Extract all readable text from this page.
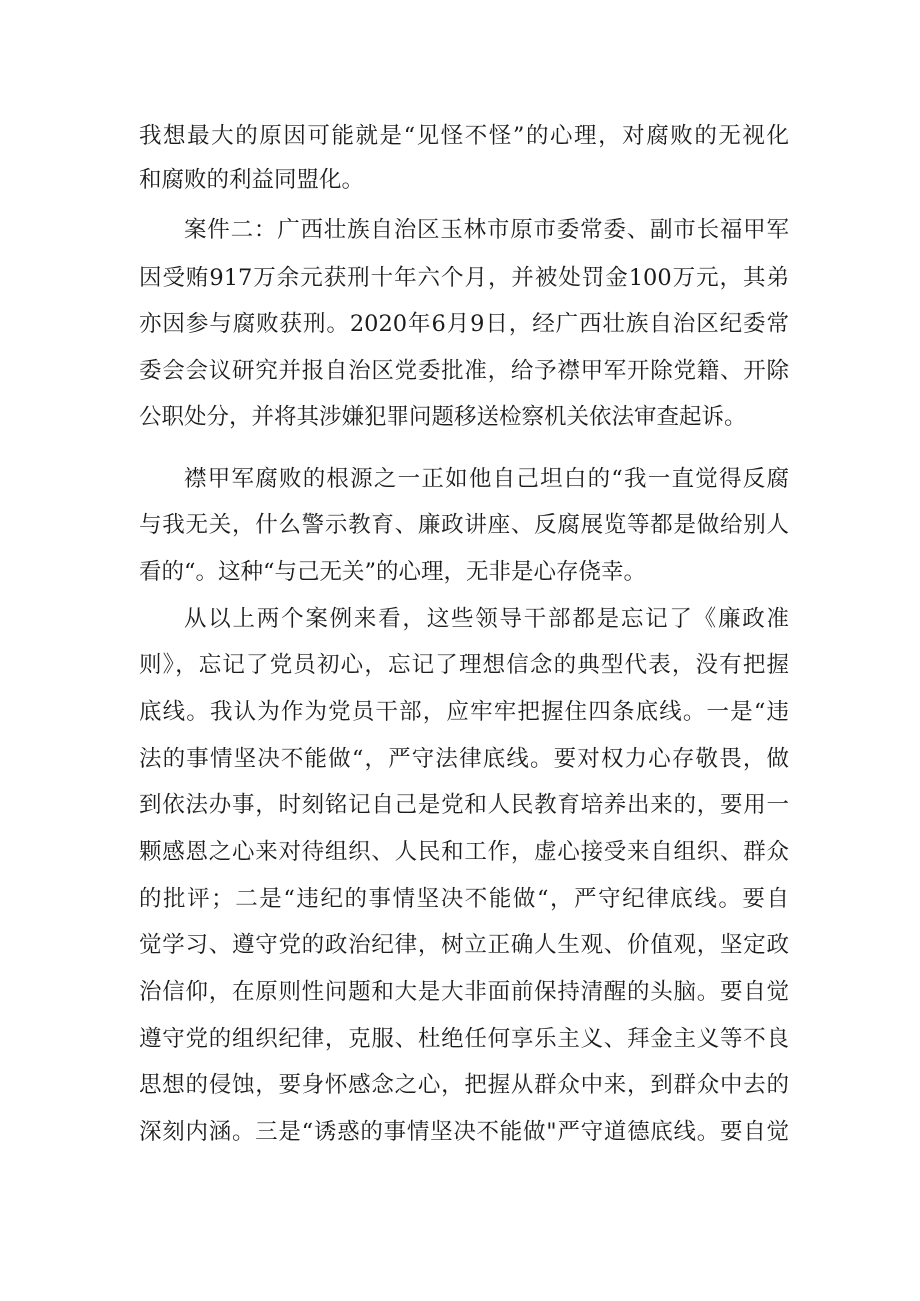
我想最大的原因可能就是“见怪不怪”的心理，对腐败的无视化
和腐败的利益同盟化。
案件二：广西壮族自治区玉林市原市委常委、副市长福甲军
因受贿917万余元获刑十年六个月，并被处罚金100万元，其弟
亦因参与腐败获刑。2020年6月9日，经广西壮族自治区纪委常
委会会议研究并报自治区党委批准，给予襟甲军开除党籍、开除
公职处分，并将其涉嫌犯罪问题移送检察机关依法审查起诉。
襟甲军腐败的根源之一正如他自己坦白的“我一直觉得反腐
与我无关，什么警示教育、廉政讲座、反腐展览等都是做给别人
看的“。这种“与己无关”的心理，无非是心存侥幸。
从以上两个案例来看，这些领导干部都是忘记了《廉政准
则》，忘记了党员初心，忘记了理想信念的典型代表，没有把握
底线。我认为作为党员干部，应牢牢把握住四条底线。一是“违
法的事情坚决不能做“，严守法律底线。要对权力心存敬畏，做
到依法办事，时刻铭记自己是党和人民教育培养出来的，要用一
颗感恩之心来对待组织、人民和工作，虚心接受来自组织、群众
的批评；二是“违纪的事情坚决不能做“，严守纪律底线。要自
觉学习、遵守党的政治纪律，树立正确人生观、价值观，坚定政
治信仰，在原则性问题和大是大非面前保持清醒的头脑。要自觉
遵守党的组织纪律，克服、杜绝任何享乐主义、拜金主义等不良
思想的侵蚀，要身怀感念之心，把握从群众中来，到群众中去的
深刻内涵。三是“诱惑的事情坚决不能做"严守道德底线。要自觉
